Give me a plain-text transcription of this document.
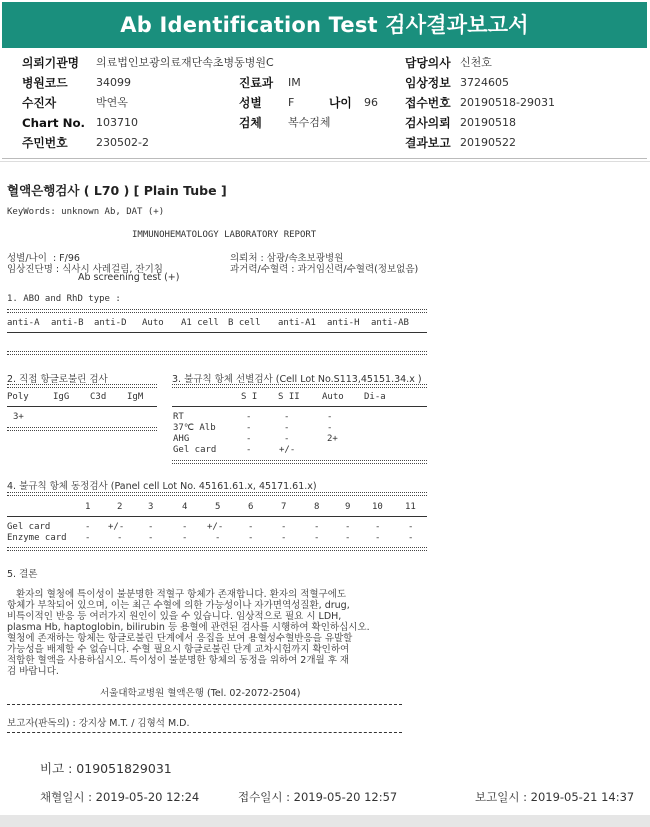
Ab Identification Test 검사결과보고서
의뢰기관명 의료법인보광의료재단속초병동병원C	담당의사 신천호
병원코드	34099	진료과 IM	임상정보 3724605
수진자	박연옥	성별 F	나이 96 접수번호 20190518-29031
Chart No. 103710	검체 복수검체	검사의뢰 20190518
주민번호	230502-2	결과보고 20190522
혈액은행검사 ( L70 ) [ Plain Tube ]
KeyWords: unknown Ab, DAT (+)
IMMUNOHEMATOLOGY LABORATORY REPORT
성별/나이  : F/96	의뢰처 : 삼광/속초보광병원
임상진단명 : 식사시 사레걸림, 잔기침	과거력/수혈력 : 과거임신력/수혈력(정보없음)
Ab screening test (+)
1. ABO and RhD type :
anti-A anti-B anti-D Auto A1 cell B cell anti-A1 anti-H anti-AB
2. 직접 항글로불린 검사
Poly	IgG C3d IgM
3+
3. 불규칙 항체 선별검사 (Cell Lot No.S113,45151.34.x )
S I S II Auto Di-a
RT	-	-	-
37℃ Alb	-	-	-
AHG	-	-	2+
Gel card	-	+/-
4. 불규칙 항체 동정검사 (Panel cell Lot No. 45161.61.x, 45171.61.x)
1	2	3	4	5	6	7	8	9 10 11
Gel card	- +/-	-	- +/-	-	-	-	-	-	-
Enzyme card -	-	-	-	-	-	-	-	-	-	-
5. 결론
환자의 혈청에 특이성이 불분명한 적혈구 항체가 존재합니다. 환자의 적혈구에도
항체가 부착되어 있으며, 이는 최근 수혈에 의한 가능성이나 자가면역성질환, drug,
비특이적인 반응 등 여러가지 원인이 있을 수 있습니다. 임상적으로 필요 시 LDH,
plasma Hb, haptoglobin, bilirubin 등 용혈에 관련된 검사를 시행하여 확인하십시오.
혈청에 존재하는 항체는 항글로불린 단계에서 응집을 보여 용혈성수혈반응을 유발할
가능성을 배제할 수 없습니다. 수혈 필요시 항글로불린 단계 교차시험까지 확인하여
적합한 혈액을 사용하십시오. 특이성이 불분명한 항체의 동정을 위하여 2개월 후 재
검 바랍니다.
서울대학교병원 혈액은행 (Tel. 02-2072-2504)
보고자(판독의) : 강지상 M.T. / 김형석 M.D.
비고 : 019051829031
채혈일시 : 2019-05-20 12:24	접수일시 : 2019-05-20 12:57	보고일시 : 2019-05-21 14:37
